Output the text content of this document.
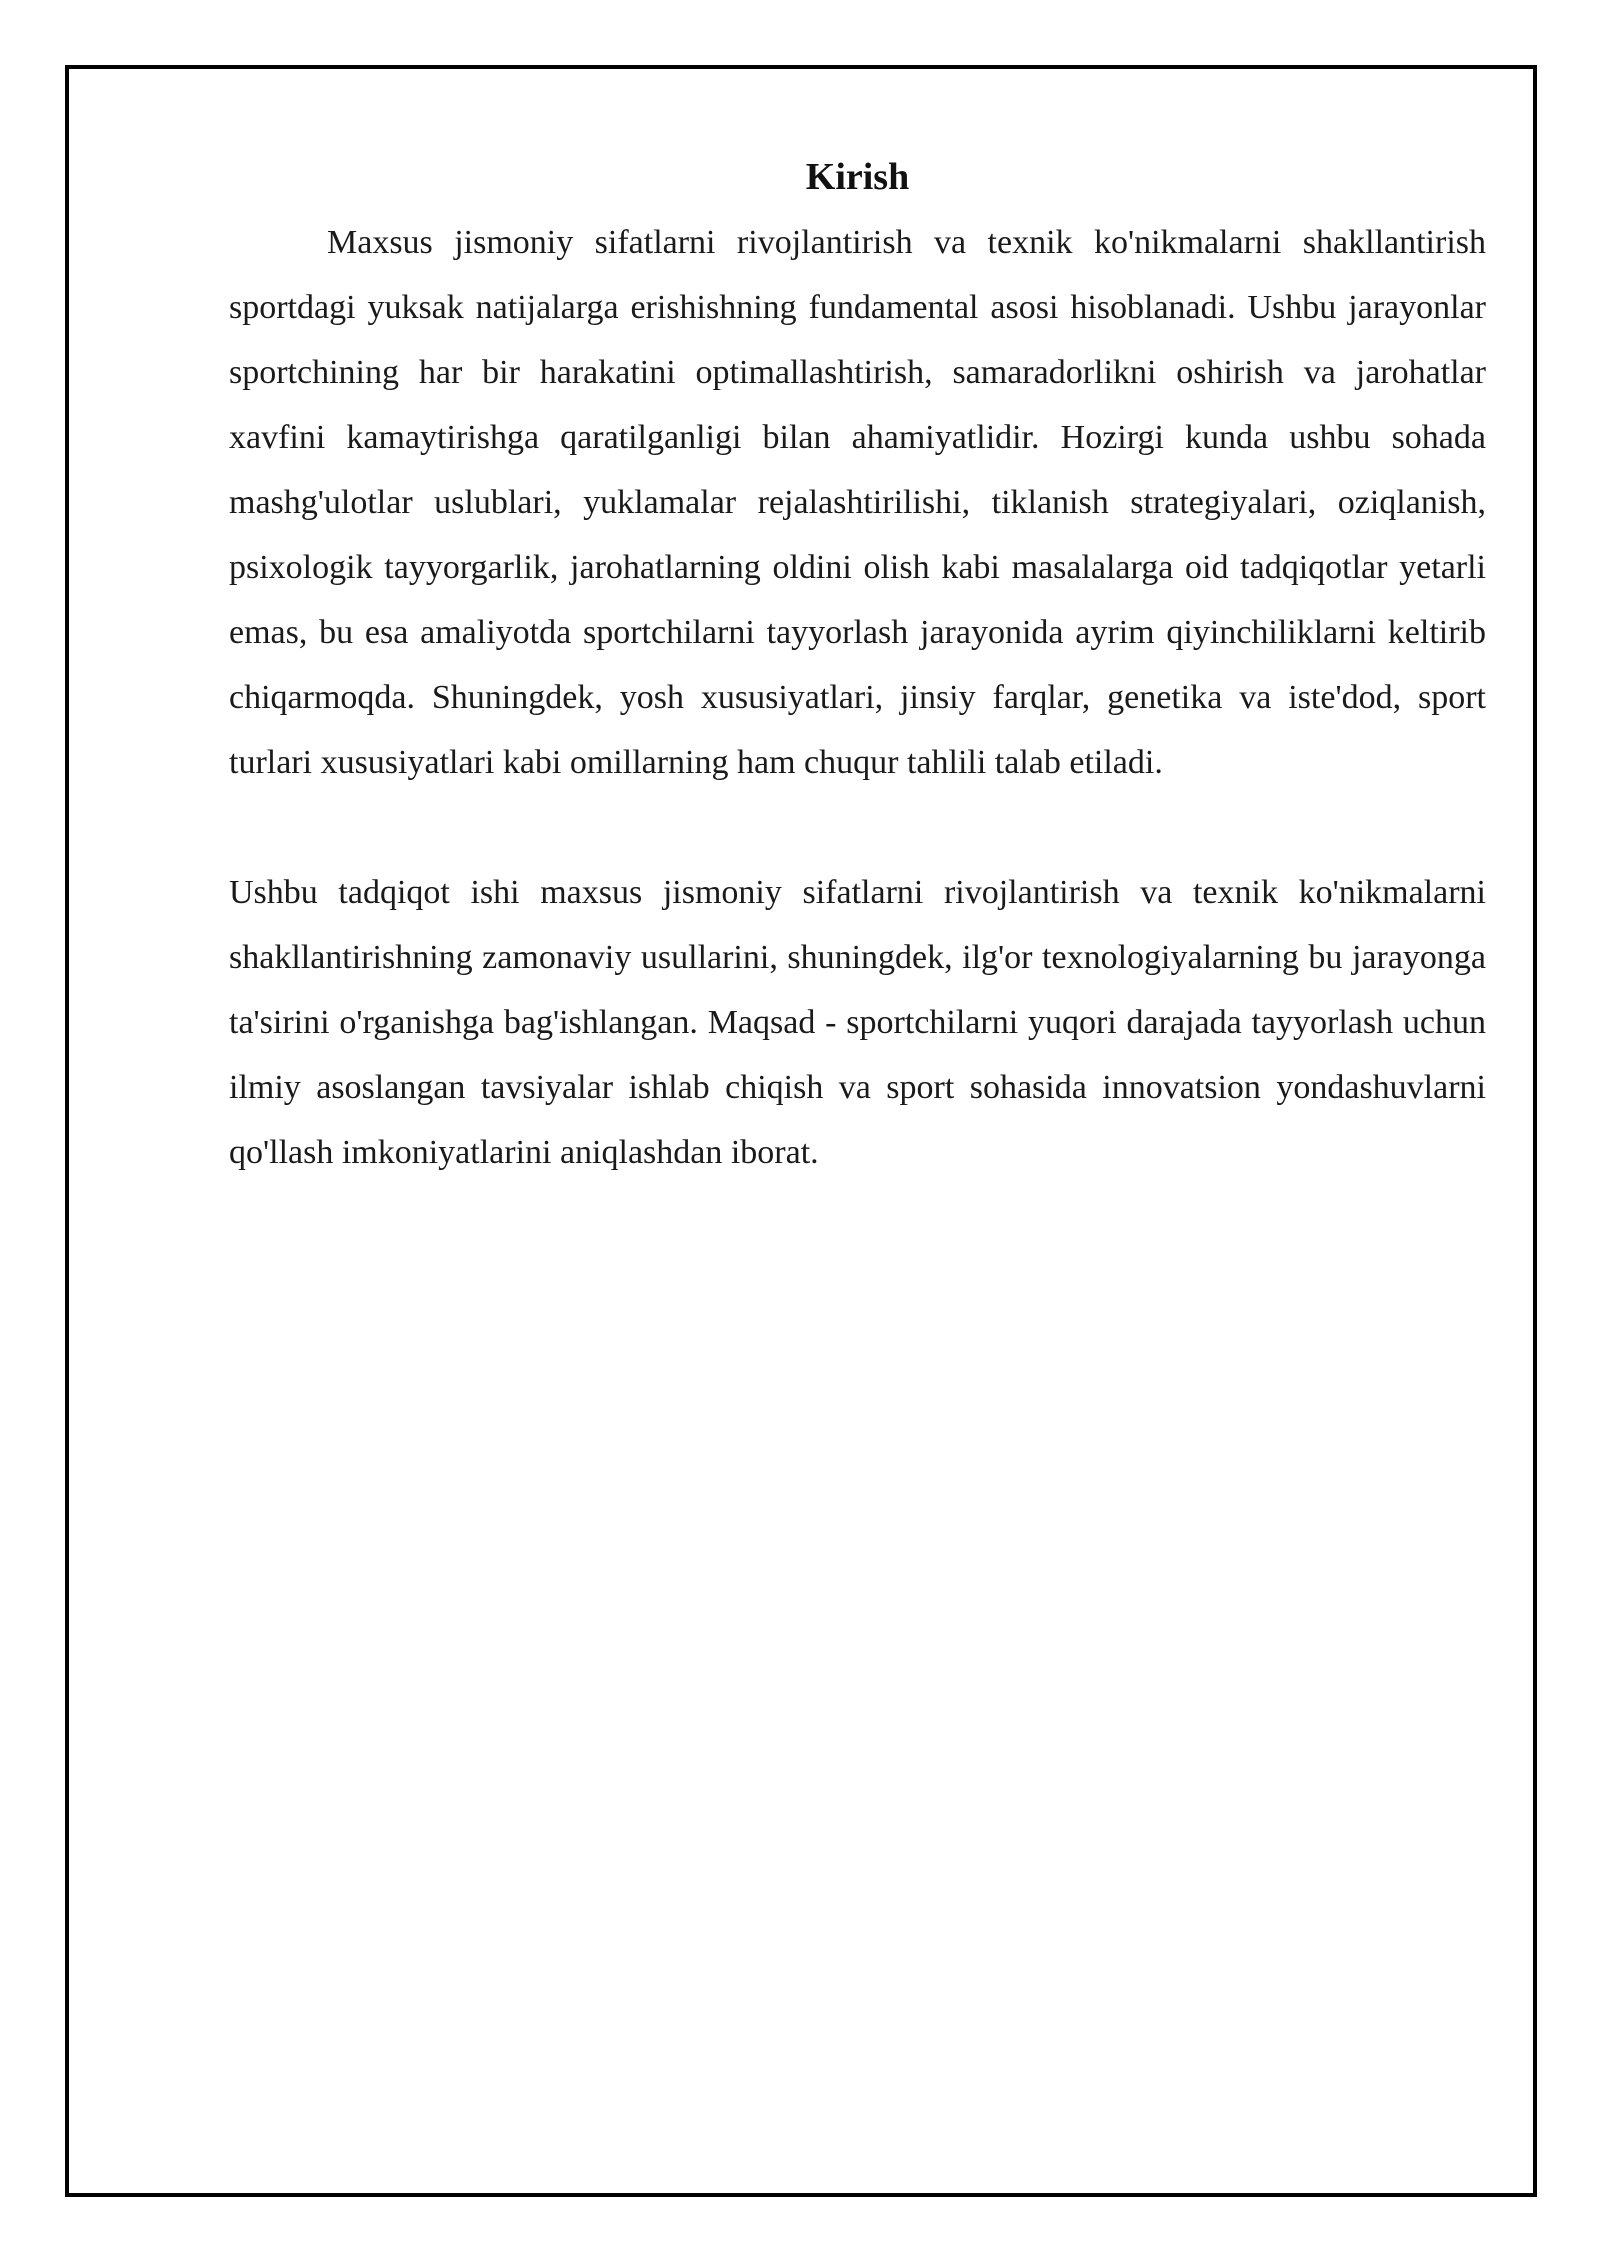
Kirish

Maxsus jismoniy sifatlarni rivojlantirish va texnik ko'nikmalarni shakllantirish sportdagi yuksak natijalarga erishishning fundamental asosi hisoblanadi. Ushbu jarayonlar sportchining har bir harakatini optimallashtirish, samaradorlikni oshirish va jarohatlar xavfini kamaytirishga qaratilganligi bilan ahamiyatlidir. Hozirgi kunda ushbu sohada mashg'ulotlar uslublari, yuklamalar rejalashtirilishi, tiklanish strategiyalari, oziqlanish, psixologik tayyorgarlik, jarohatlarning oldini olish kabi masalalarga oid tadqiqotlar yetarli emas, bu esa amaliyotda sportchilarni tayyorlash jarayonida ayrim qiyinchiliklarni keltirib chiqarmoqda. Shuningdek, yosh xususiyatlari, jinsiy farqlar, genetika va iste'dod, sport turlari xususiyatlari kabi omillarning ham chuqur tahlili talab etiladi.

Ushbu tadqiqot ishi maxsus jismoniy sifatlarni rivojlantirish va texnik ko'nikmalarni shakllantirishning zamonaviy usullarini, shuningdek, ilg'or texnologiyalarning bu jarayonga ta'sirini o'rganishga bag'ishlangan. Maqsad - sportchilarni yuqori darajada tayyorlash uchun ilmiy asoslangan tavsiyalar ishlab chiqish va sport sohasida innovatsion yondashuvlarni qo'llash imkoniyatlarini aniqlashdan iborat.
